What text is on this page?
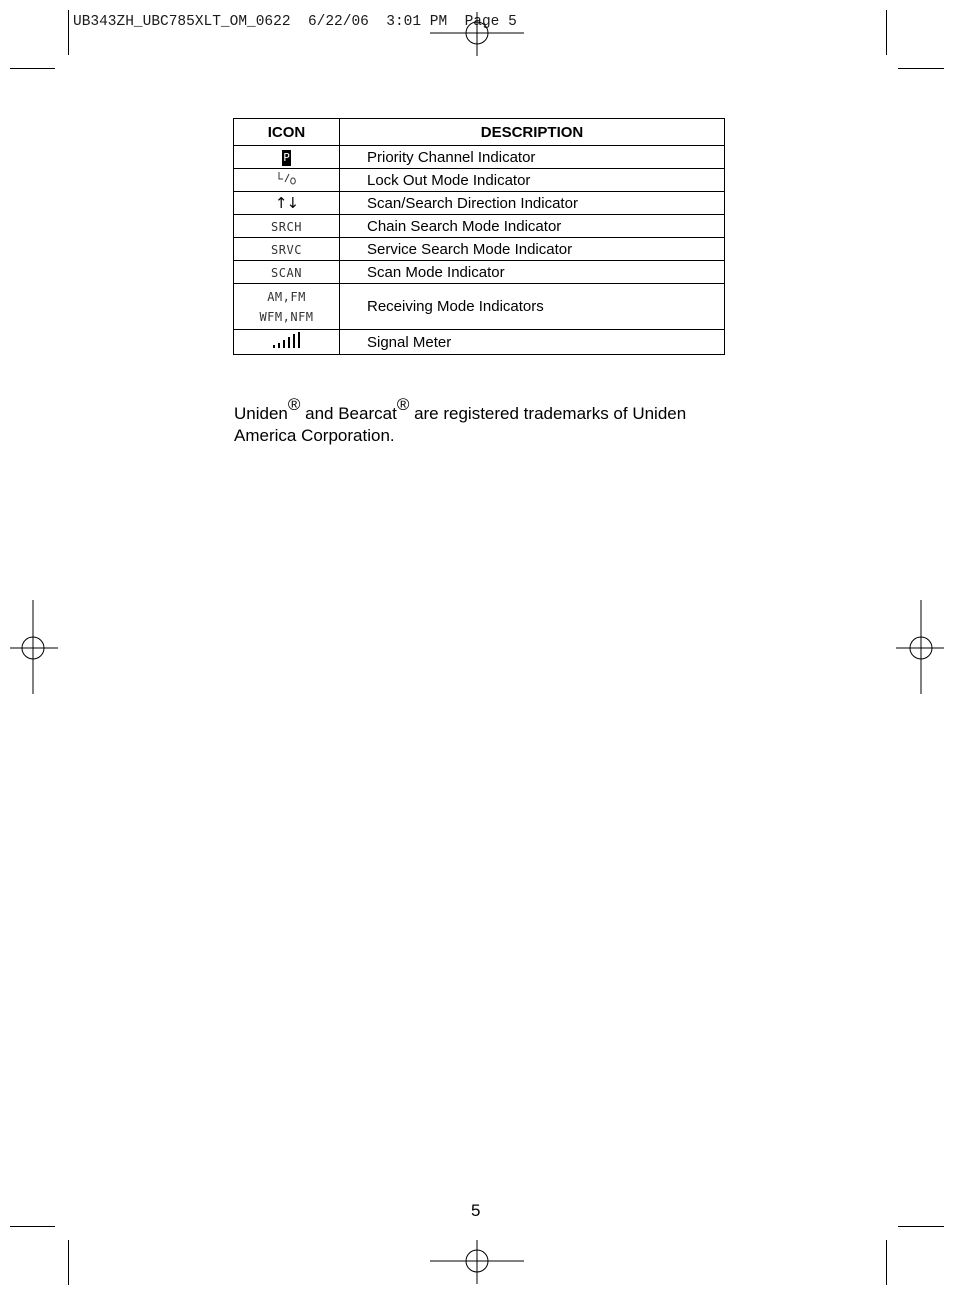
UB343ZH_UBC785XLT_OM_0622  6/22/06  3:01 PM  Page 5
ICON	DESCRIPTION
P	Priority Channel Indicator
	Lock Out Mode Indicator
↑↓	Scan/Search Direction Indicator
SRCH	Chain Search Mode Indicator
SRVC	Service Search Mode Indicator
SCAN	Scan Mode Indicator

AM,FM
WFM,NFM	Receiving Mode Indicators
	Signal Meter
Uniden® and Bearcat® are registered trademarks of Uniden America Corporation.
5
